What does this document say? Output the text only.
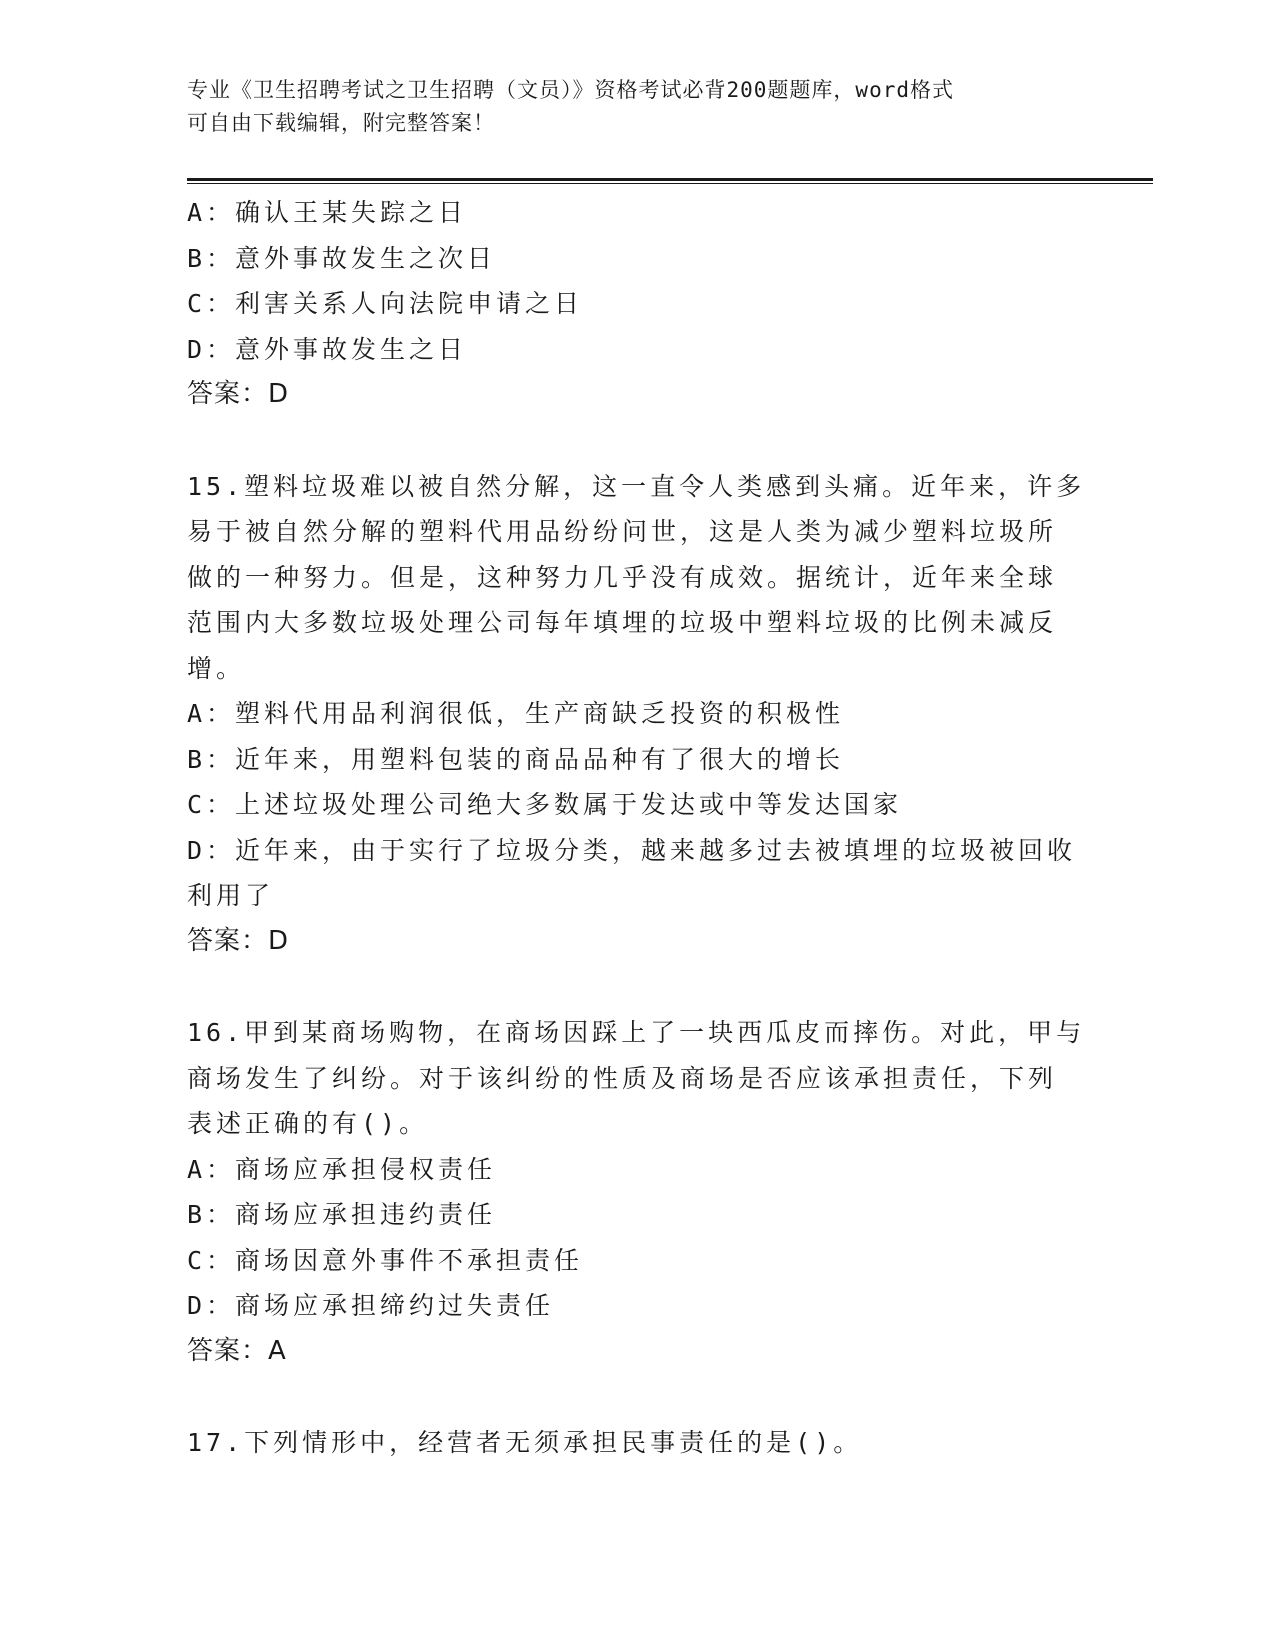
专业《卫生招聘考试之卫生招聘（文员）》资格考试必背200题题库，word格式
可自由下载编辑，附完整答案！
A：确认王某失踪之日
B：意外事故发生之次日
C：利害关系人向法院申请之日
D：意外事故发生之日
答案：D
15.塑料垃圾难以被自然分解，这一直令人类感到头痛。近年来，许多
易于被自然分解的塑料代用品纷纷问世，这是人类为减少塑料垃圾所
做的一种努力。但是，这种努力几乎没有成效。据统计，近年来全球
范围内大多数垃圾处理公司每年填埋的垃圾中塑料垃圾的比例未减反
增。
A：塑料代用品利润很低，生产商缺乏投资的积极性
B：近年来，用塑料包装的商品品种有了很大的增长
C：上述垃圾处理公司绝大多数属于发达或中等发达国家
D：近年来，由于实行了垃圾分类，越来越多过去被填埋的垃圾被回收
利用了
答案：D
16.甲到某商场购物，在商场因踩上了一块西瓜皮而摔伤。对此，甲与
商场发生了纠纷。对于该纠纷的性质及商场是否应该承担责任，下列
表述正确的有()。
A：商场应承担侵权责任
B：商场应承担违约责任
C：商场因意外事件不承担责任
D：商场应承担缔约过失责任
答案：A
17.下列情形中，经营者无须承担民事责任的是()。
